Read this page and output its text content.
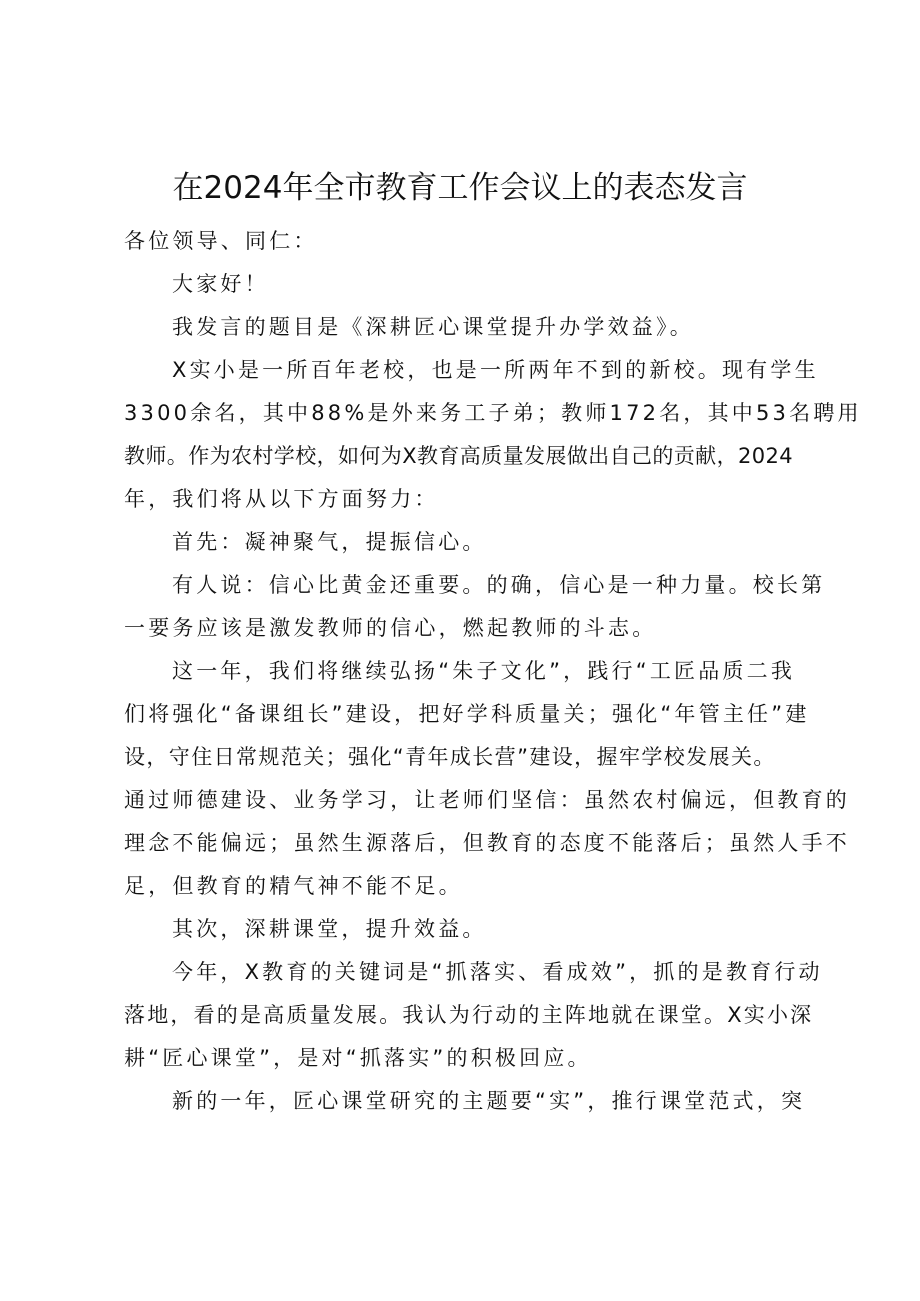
在2024年全市教育工作会议上的表态发言
各位领导、同仁：
大家好！
我发言的题目是《深耕匠心课堂提升办学效益》。
X实小是一所百年老校，也是一所两年不到的新校。现有学生
3300余名，其中88%是外来务工子弟；教师172名，其中53名聘用
教师。作为农村学校，如何为X教育高质量发展做出自己的贡献，2024
年，我们将从以下方面努力：
首先：凝神聚气，提振信心。
有人说：信心比黄金还重要。的确，信心是一种力量。校长第
一要务应该是激发教师的信心，燃起教师的斗志。
这一年，我们将继续弘扬“朱子文化”，践行“工匠品质二我
们将强化“备课组长”建设，把好学科质量关；强化“年管主任”建
设，守住日常规范关；强化“青年成长营”建设，握牢学校发展关。
通过师德建设、业务学习，让老师们坚信：虽然农村偏远，但教育的
理念不能偏远；虽然生源落后，但教育的态度不能落后；虽然人手不
足，但教育的精气神不能不足。
其次，深耕课堂，提升效益。
今年，X教育的关键词是“抓落实、看成效”，抓的是教育行动
落地，看的是高质量发展。我认为行动的主阵地就在课堂。X实小深
耕“匠心课堂”，是对“抓落实”的积极回应。
新的一年，匠心课堂研究的主题要“实”，推行课堂范式，突
